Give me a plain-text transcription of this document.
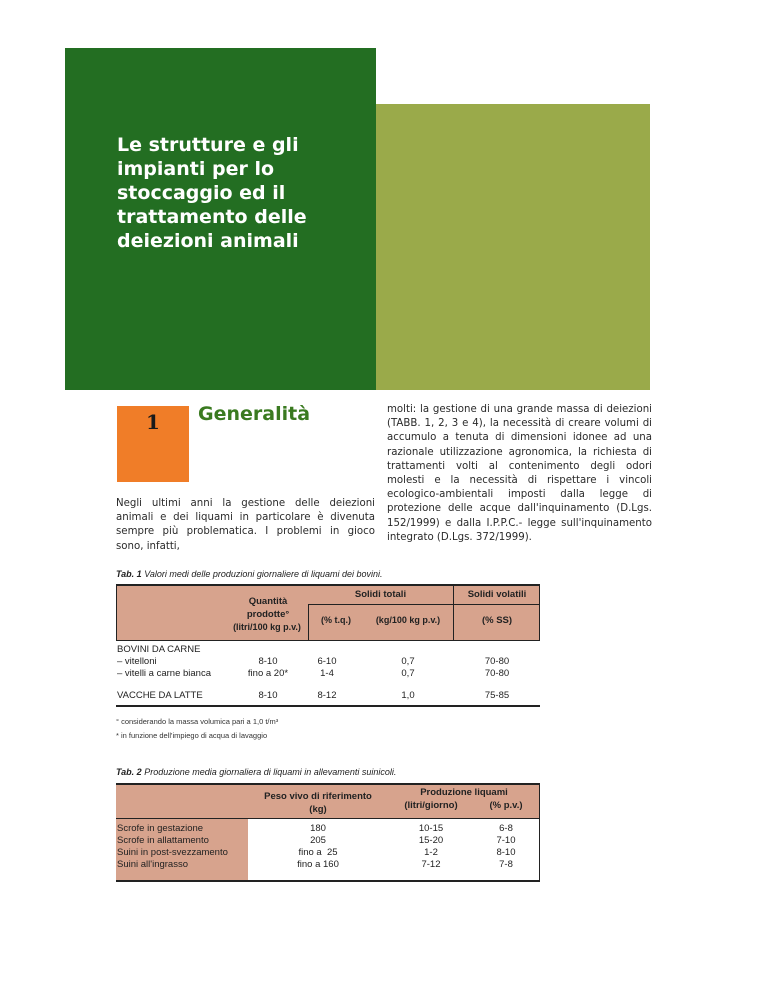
Le strutture e gli impianti per lo stoccaggio ed il trattamento delle deiezioni animali
1	Generalità

Negli ultimi anni la gestione delle deiezioni animali e dei liquami in particolare è divenuta sempre più problematica. I problemi in gioco sono, infatti,

molti: la gestione di una grande massa di deiezioni (TABB. 1, 2, 3 e 4), la necessità di creare volumi di accumulo a tenuta di dimensioni idonee ad una razionale utilizzazione agronomica, la richiesta di trattamenti volti al contenimento degli odori molesti e la necessità di rispettare i vincoli ecologico-ambientali imposti dalla legge di protezione delle acque dall'inquinamento (D.Lgs. 152/1999) e dalla I.P.P.C.- legge sull'inquinamento integrato (D.Lgs. 372/1999).

Tab. 1 Valori medi delle produzioni giornaliere di liquami dei bovini.

Quantità
prodotte°
(litri/100 kg p.v.)
Solidi totali	Solidi volatili
(% t.q.)	(kg/100 kg p.v.)	(% SS)
BOVINI DA CARNE
– vitelloni	8-10	6-10	0,7	70-80
– vitelli a carne bianca	fino a 20*	1-4	0,7	70-80
VACCHE DA LATTE	8-10	8-12	1,0	75-85

° considerando la massa volumica pari a 1,0 t/m³

* in funzione dell'impiego di acqua di lavaggio

Tab. 2 Produzione media giornaliera di liquami in allevamenti suinicoli.

Peso vivo di riferimento
(kg)
Produzione liquami
(litri/giorno)	(% p.v.)
Scrofe in gestazione	180	10-15	6-8
Scrofe in allattamento	205	15-20	7-10
Suini in post-svezzamento	fino a  25	1-2	8-10
Suini all'ingrasso	fino a 160	7-12	7-8
